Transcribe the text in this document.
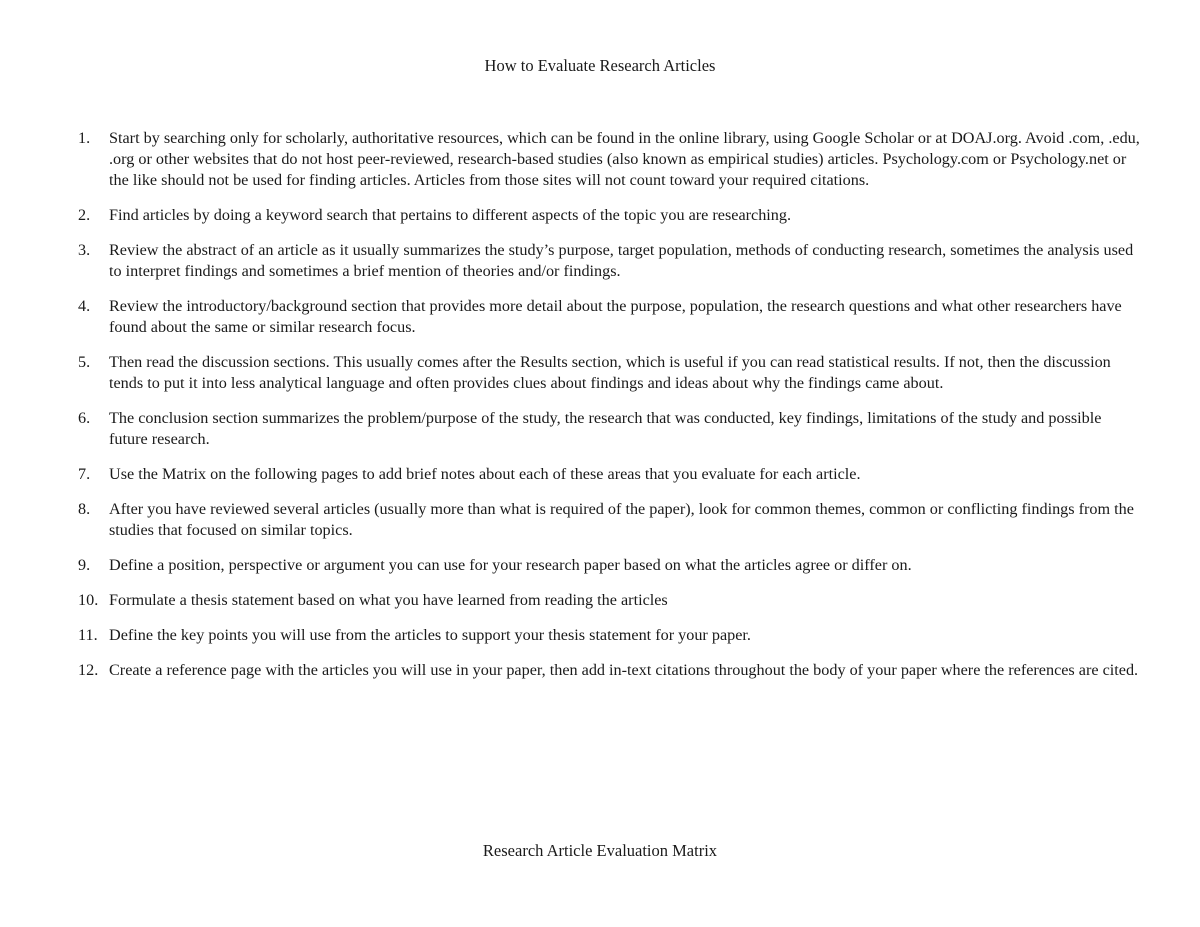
How to Evaluate Research Articles
1.	Start by searching only for scholarly, authoritative resources, which can be found in the online library, using Google Scholar or at DOAJ.org. Avoid .com, .edu, .org or other websites that do not host peer-reviewed, research-based studies (also known as empirical studies) articles. Psychology.com or Psychology.net or the like should not be used for finding articles. Articles from those sites will not count toward your required citations.
2.	Find articles by doing a keyword search that pertains to different aspects of the topic you are researching.
3.	Review the abstract of an article as it usually summarizes the study’s purpose, target population, methods of conducting research, sometimes the analysis used to interpret findings and sometimes a brief mention of theories and/or findings.
4.	Review the introductory/background section that provides more detail about the purpose, population, the research questions and what other researchers have found about the same or similar research focus.
5.	Then read the discussion sections. This usually comes after the Results section, which is useful if you can read statistical results. If not, then the discussion tends to put it into less analytical language and often provides clues about findings and ideas about why the findings came about.
6.	The conclusion section summarizes the problem/purpose of the study, the research that was conducted, key findings, limitations of the study and possible future research.
7.	Use the Matrix on the following pages to add brief notes about each of these areas that you evaluate for each article.
8.	After you have reviewed several articles (usually more than what is required of the paper), look for common themes, common or conflicting findings from the studies that focused on similar topics.
9.	Define a position, perspective or argument you can use for your research paper based on what the articles agree or differ on.
10. Formulate a thesis statement based on what you have learned from reading the articles
11. Define the key points you will use from the articles to support your thesis statement for your paper.
12. Create a reference page with the articles you will use in your paper, then add in-text citations throughout the body of your paper where the references are cited.
Research Article Evaluation Matrix
